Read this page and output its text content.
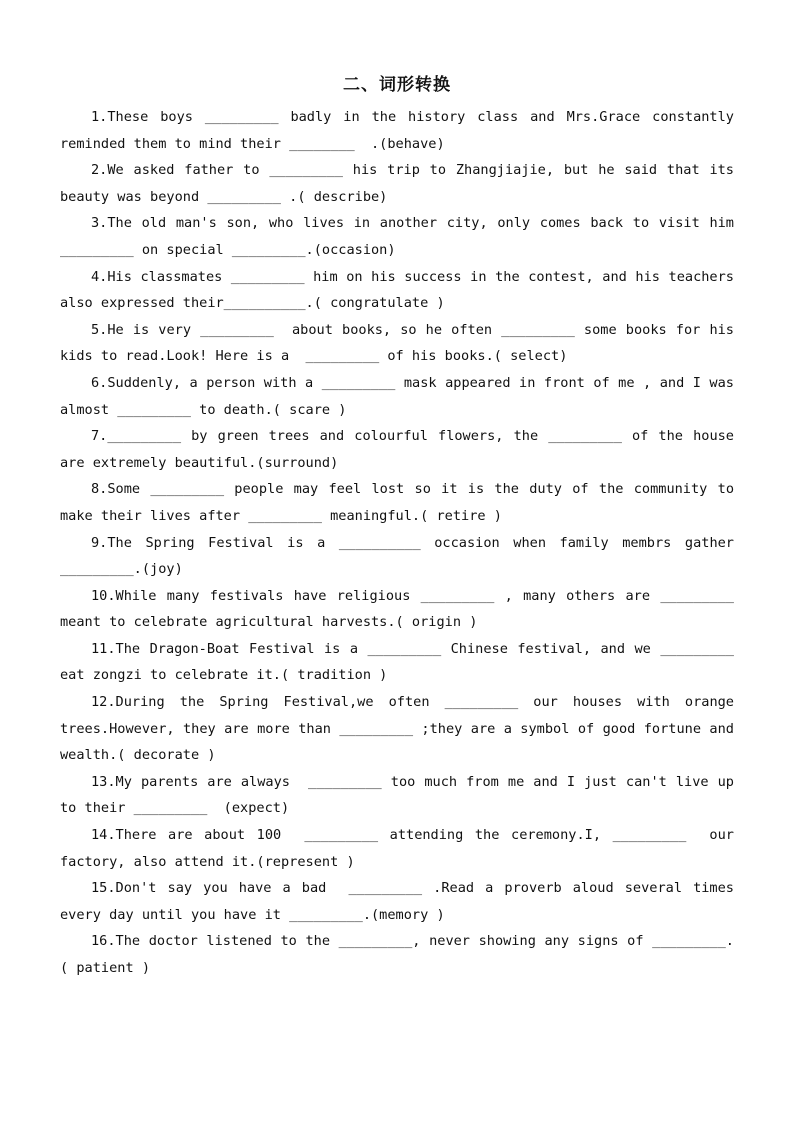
二、词形转换
1.These boys _________ badly in the history class and Mrs.Grace constantly reminded them to mind their ________  .(behave)
2.We asked father to _________ his trip to Zhangjiajie, but he said that its beauty was beyond _________ .( describe)
3.The old man's son, who lives in another city, only comes back to visit him _________ on special _________.(occasion)
4.His classmates _________ him on his success in the contest, and his teachers also expressed their__________.( congratulate )
5.He is very _________  about books, so he often _________ some books for his kids to read.Look! Here is a  _________ of his books.( select)
6.Suddenly, a person with a _________ mask appeared in front of me , and I was almost _________ to death.( scare )
7._________ by green trees and colourful flowers, the _________ of the house are extremely beautiful.(surround)
8.Some _________ people may feel lost so it is the duty of the community to make their lives after _________ meaningful.( retire )
9.The Spring Festival is a __________ occasion when family membrs gather _________.(joy)
10.While many festivals have religious _________ , many others are _________ meant to celebrate agricultural harvests.( origin )
11.The Dragon-Boat Festival is a _________ Chinese festival, and we _________ eat zongzi to celebrate it.( tradition )
12.During the Spring Festival,we often _________ our houses with orange trees.However, they are more than _________ ;they are a symbol of good fortune and wealth.( decorate )
13.My parents are always  _________ too much from me and I just can't live up to their _________  (expect)
14.There are about 100  _________ attending the ceremony.I, _________  our factory, also attend it.(represent )
15.Don't say you have a bad  _________ .Read a proverb aloud several times every day until you have it _________.(memory )
16.The doctor listened to the _________, never showing any signs of _________.( patient )
